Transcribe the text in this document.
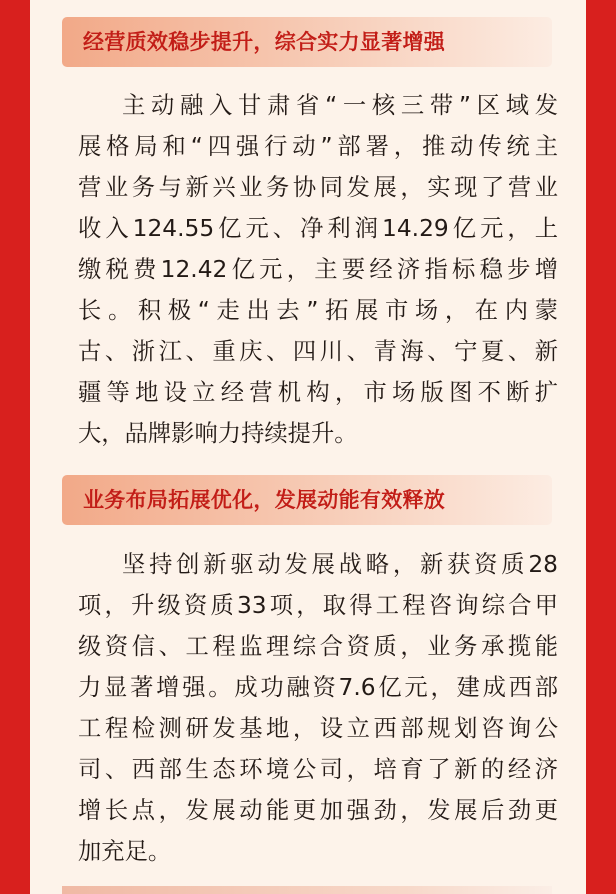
经营质效稳步提升，综合实力显著增强
主动融入甘肃省“一核三带”区域发
展格局和“四强行动”部署，推动传统主
营业务与新兴业务协同发展，实现了营业
收入124.55亿元、净利润14.29亿元，上
缴税费12.42亿元，主要经济指标稳步增
长。积极“走出去”拓展市场，在内蒙
古、浙江、重庆、四川、青海、宁夏、新
疆等地设立经营机构，市场版图不断扩
大，品牌影响力持续提升。
业务布局拓展优化，发展动能有效释放
坚持创新驱动发展战略，新获资质28
项，升级资质33项，取得工程咨询综合甲
级资信、工程监理综合资质，业务承揽能
力显著增强。成功融资7.6亿元，建成西部
工程检测研发基地，设立西部规划咨询公
司、西部生态环境公司，培育了新的经济
增长点，发展动能更加强劲，发展后劲更
加充足。
